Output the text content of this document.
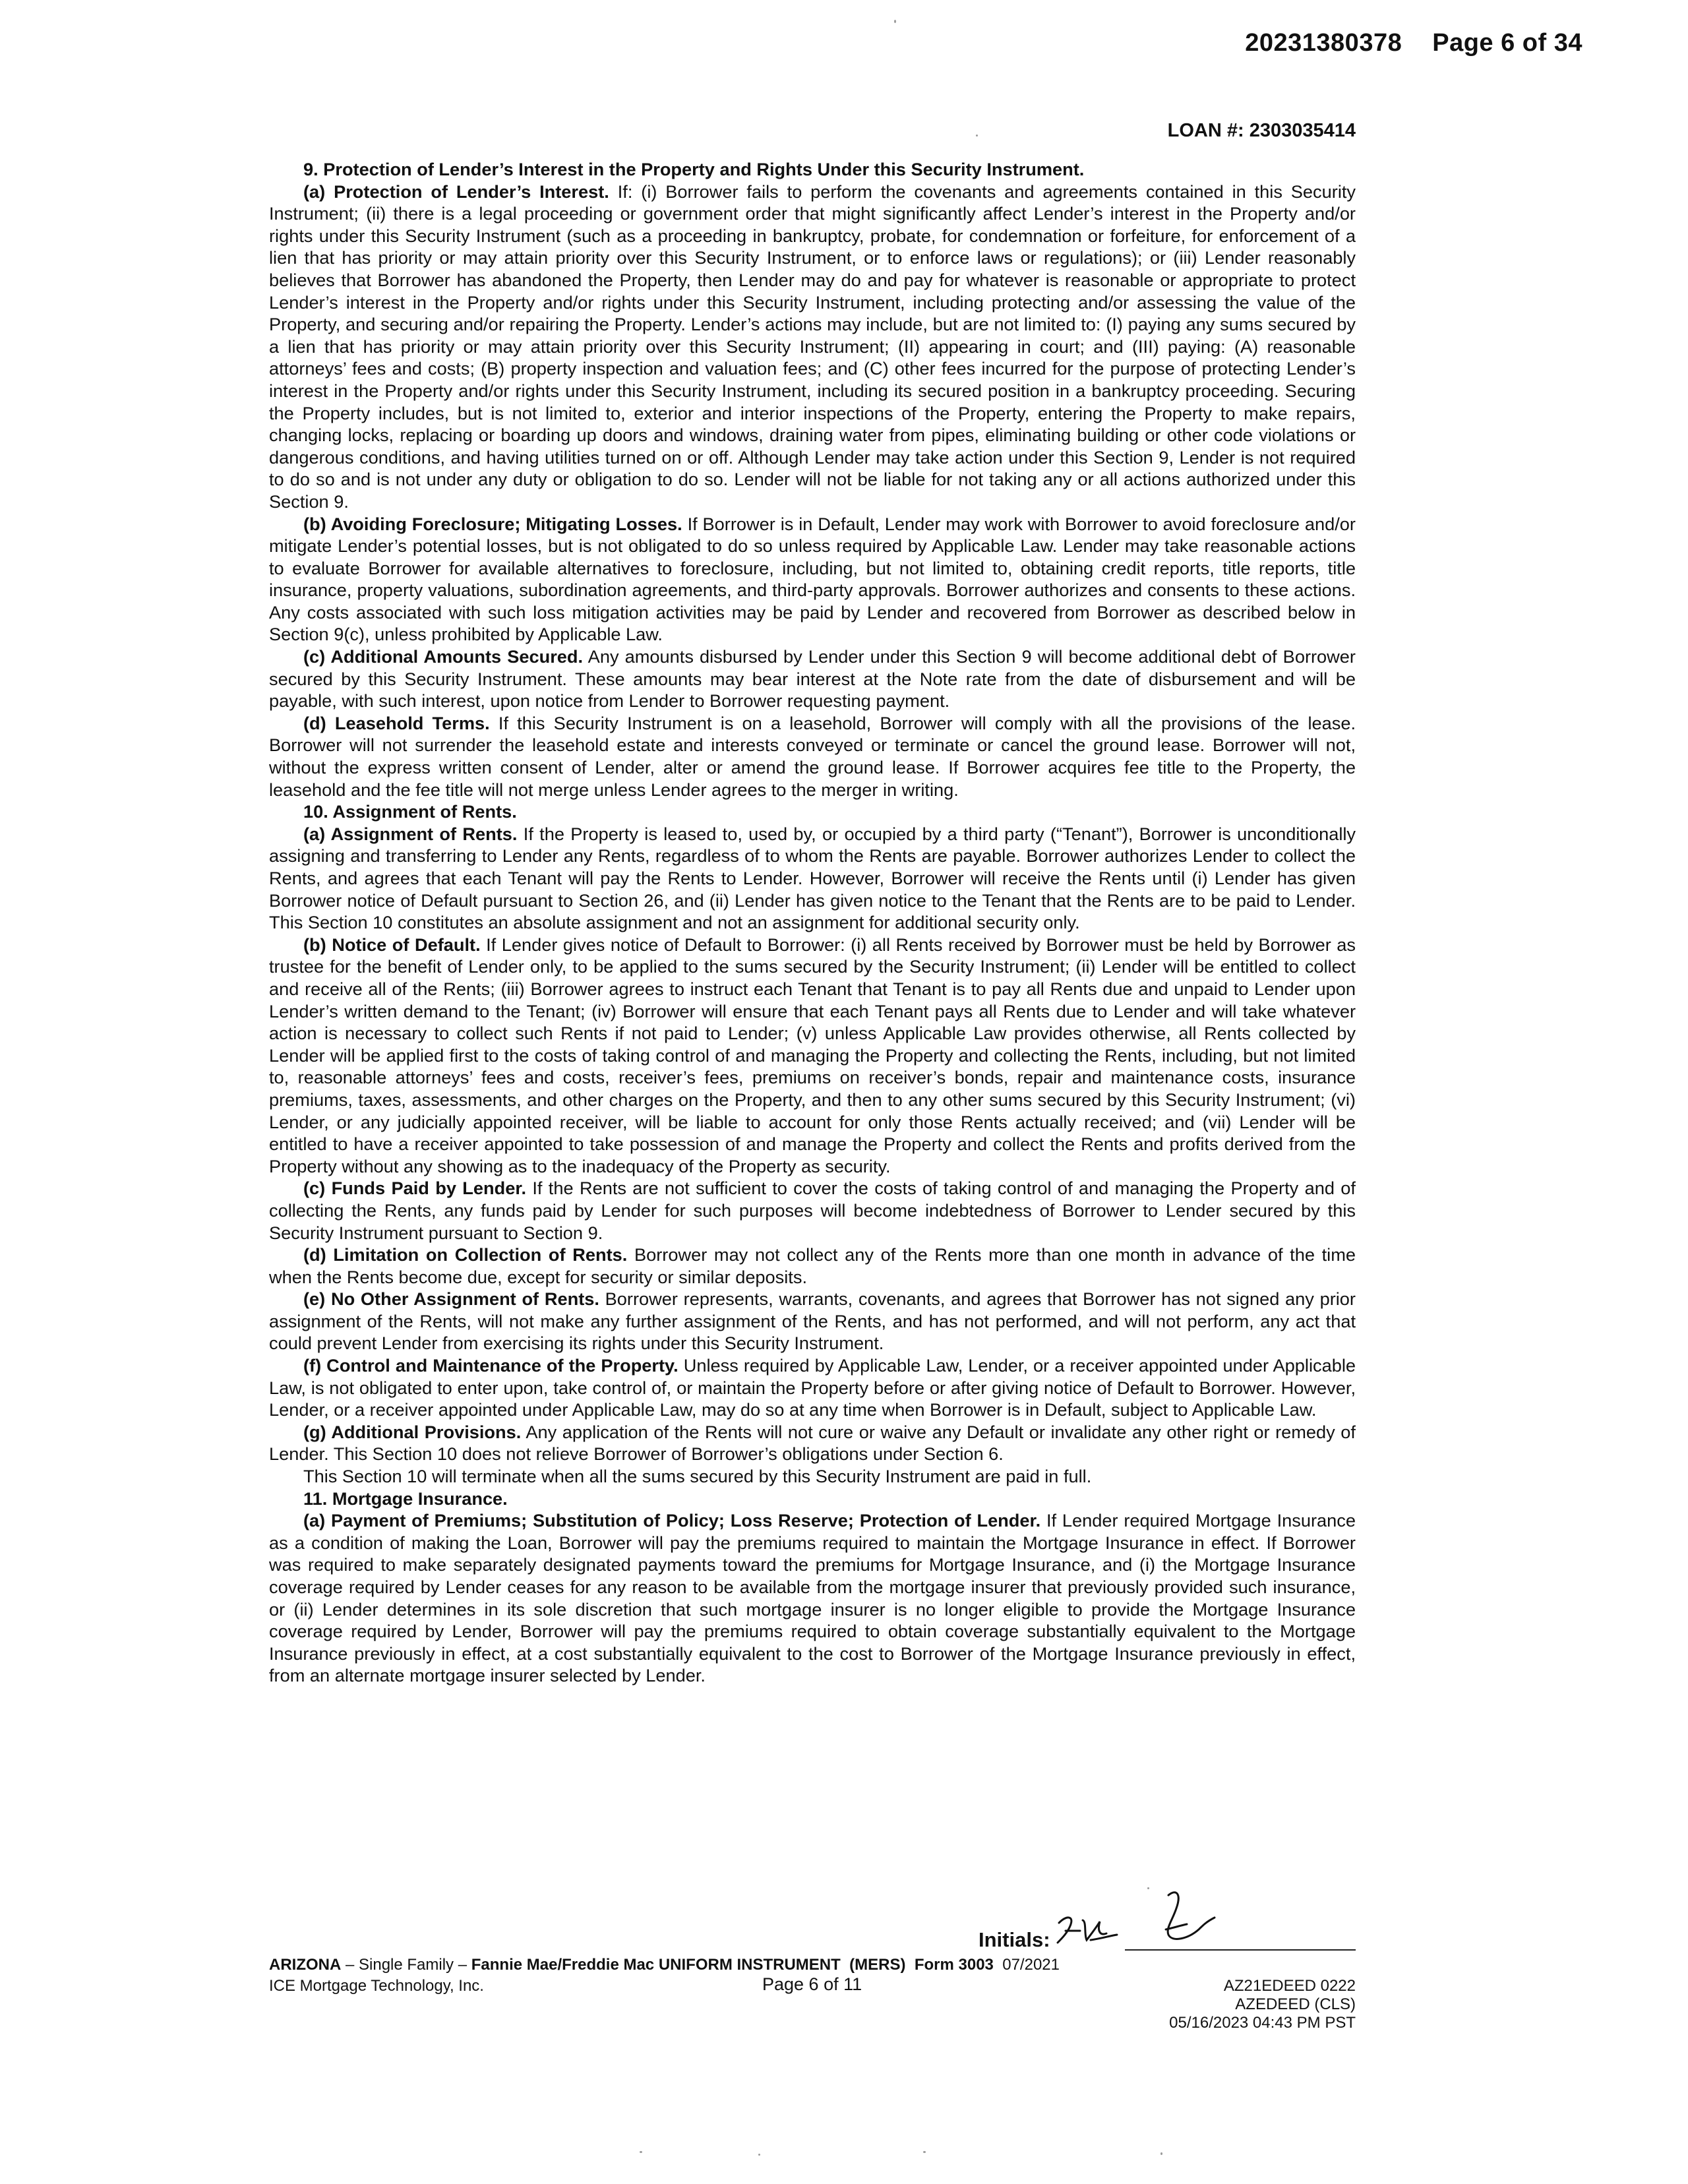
20231380378 Page 6 of 34
LOAN #: 2303035414

9. Protection of Lender’s Interest in the Property and Rights Under this Security Instrument.

(a) Protection of Lender’s Interest. If: (i) Borrower fails to perform the covenants and agreements contained in this Security Instrument; (ii) there is a legal proceeding or government order that might significantly affect Lender’s interest in the Property and/or rights under this Security Instrument (such as a proceeding in bankruptcy, probate, for condemnation or forfeiture, for enforcement of a lien that has priority or may attain priority over this Security Instrument, or to enforce laws or regulations); or (iii) Lender reasonably believes that Borrower has abandoned the Property, then Lender may do and pay for whatever is reasonable or appropriate to protect Lender’s interest in the Property and/or rights under this Security Instrument, including protecting and/or assessing the value of the Property, and securing and/or repairing the Property. Lender’s actions may include, but are not limited to: (I) paying any sums secured by a lien that has priority or may attain priority over this Security Instrument; (II) appearing in court; and (III) paying: (A) reasonable attorneys’ fees and costs; (B) property inspection and valuation fees; and (C) other fees incurred for the purpose of protecting Lender’s interest in the Property and/or rights under this Security Instrument, including its secured position in a bankruptcy proceeding. Securing the Property includes, but is not limited to, exterior and interior inspections of the Property, entering the Property to make repairs, changing locks, replacing or boarding up doors and windows, draining water from pipes, eliminating building or other code violations or dangerous conditions, and having utilities turned on or off. Although Lender may take action under this Section 9, Lender is not required to do so and is not under any duty or obligation to do so. Lender will not be liable for not taking any or all actions authorized under this Section 9.

(b) Avoiding Foreclosure; Mitigating Losses. If Borrower is in Default, Lender may work with Borrower to avoid foreclosure and/or mitigate Lender’s potential losses, but is not obligated to do so unless required by Applicable Law. Lender may take reasonable actions to evaluate Borrower for available alternatives to foreclosure, including, but not limited to, obtaining credit reports, title reports, title insurance, property valuations, subordination agreements, and third-party approvals. Borrower authorizes and consents to these actions. Any costs associated with such loss mitigation activities may be paid by Lender and recovered from Borrower as described below in Section 9(c), unless prohibited by Applicable Law.

(c) Additional Amounts Secured. Any amounts disbursed by Lender under this Section 9 will become additional debt of Borrower secured by this Security Instrument. These amounts may bear interest at the Note rate from the date of disbursement and will be payable, with such interest, upon notice from Lender to Borrower requesting payment.

(d) Leasehold Terms. If this Security Instrument is on a leasehold, Borrower will comply with all the provisions of the lease. Borrower will not surrender the leasehold estate and interests conveyed or terminate or cancel the ground lease. Borrower will not, without the express written consent of Lender, alter or amend the ground lease. If Borrower acquires fee title to the Property, the leasehold and the fee title will not merge unless Lender agrees to the merger in writing.

10. Assignment of Rents.

(a) Assignment of Rents. If the Property is leased to, used by, or occupied by a third party (“Tenant”), Borrower is unconditionally assigning and transferring to Lender any Rents, regardless of to whom the Rents are payable. Borrower authorizes Lender to collect the Rents, and agrees that each Tenant will pay the Rents to Lender. However, Borrower will receive the Rents until (i) Lender has given Borrower notice of Default pursuant to Section 26, and (ii) Lender has given notice to the Tenant that the Rents are to be paid to Lender. This Section 10 constitutes an absolute assignment and not an assignment for additional security only.

(b) Notice of Default. If Lender gives notice of Default to Borrower: (i) all Rents received by Borrower must be held by Borrower as trustee for the benefit of Lender only, to be applied to the sums secured by the Security Instrument; (ii) Lender will be entitled to collect and receive all of the Rents; (iii) Borrower agrees to instruct each Tenant that Tenant is to pay all Rents due and unpaid to Lender upon Lender’s written demand to the Tenant; (iv) Borrower will ensure that each Tenant pays all Rents due to Lender and will take whatever action is necessary to collect such Rents if not paid to Lender; (v) unless Applicable Law provides otherwise, all Rents collected by Lender will be applied first to the costs of taking control of and managing the Property and collecting the Rents, including, but not limited to, reasonable attorneys’ fees and costs, receiver’s fees, premiums on receiver’s bonds, repair and maintenance costs, insurance premiums, taxes, assessments, and other charges on the Property, and then to any other sums secured by this Security Instrument; (vi) Lender, or any judicially appointed receiver, will be liable to account for only those Rents actually received; and (vii) Lender will be entitled to have a receiver appointed to take possession of and manage the Property and collect the Rents and profits derived from the Property without any showing as to the inadequacy of the Property as security.

(c) Funds Paid by Lender. If the Rents are not sufficient to cover the costs of taking control of and managing the Property and of collecting the Rents, any funds paid by Lender for such purposes will become indebtedness of Borrower to Lender secured by this Security Instrument pursuant to Section 9.

(d) Limitation on Collection of Rents. Borrower may not collect any of the Rents more than one month in advance of the time when the Rents become due, except for security or similar deposits.

(e) No Other Assignment of Rents. Borrower represents, warrants, covenants, and agrees that Borrower has not signed any prior assignment of the Rents, will not make any further assignment of the Rents, and has not performed, and will not perform, any act that could prevent Lender from exercising its rights under this Security Instrument.

(f) Control and Maintenance of the Property. Unless required by Applicable Law, Lender, or a receiver appointed under Applicable Law, is not obligated to enter upon, take control of, or maintain the Property before or after giving notice of Default to Borrower. However, Lender, or a receiver appointed under Applicable Law, may do so at any time when Borrower is in Default, subject to Applicable Law.

(g) Additional Provisions. Any application of the Rents will not cure or waive any Default or invalidate any other right or remedy of Lender. This Section 10 does not relieve Borrower of Borrower’s obligations under Section 6.

This Section 10 will terminate when all the sums secured by this Security Instrument are paid in full.

11. Mortgage Insurance.

(a) Payment of Premiums; Substitution of Policy; Loss Reserve; Protection of Lender. If Lender required Mortgage Insurance as a condition of making the Loan, Borrower will pay the premiums required to maintain the Mortgage Insurance in effect. If Borrower was required to make separately designated payments toward the premiums for Mortgage Insurance, and (i) the Mortgage Insurance coverage required by Lender ceases for any reason to be available from the mortgage insurer that previously provided such insurance, or (ii) Lender determines in its sole discretion that such mortgage insurer is no longer eligible to provide the Mortgage Insurance coverage required by Lender, Borrower will pay the premiums required to obtain coverage substantially equivalent to the Mortgage Insurance previously in effect, at a cost substantially equivalent to the cost to Borrower of the Mortgage Insurance previously in effect, from an alternate mortgage insurer selected by Lender.

Initials:
ARIZONA – Single Family – Fannie Mae/Freddie Mac UNIFORM INSTRUMENT (MERS) Form 3003 07/2021
ICE Mortgage Technology, Inc.	Page 6 of 11	AZ21EDEED 0222
AZEDEED (CLS)
05/16/2023 04:43 PM PST
